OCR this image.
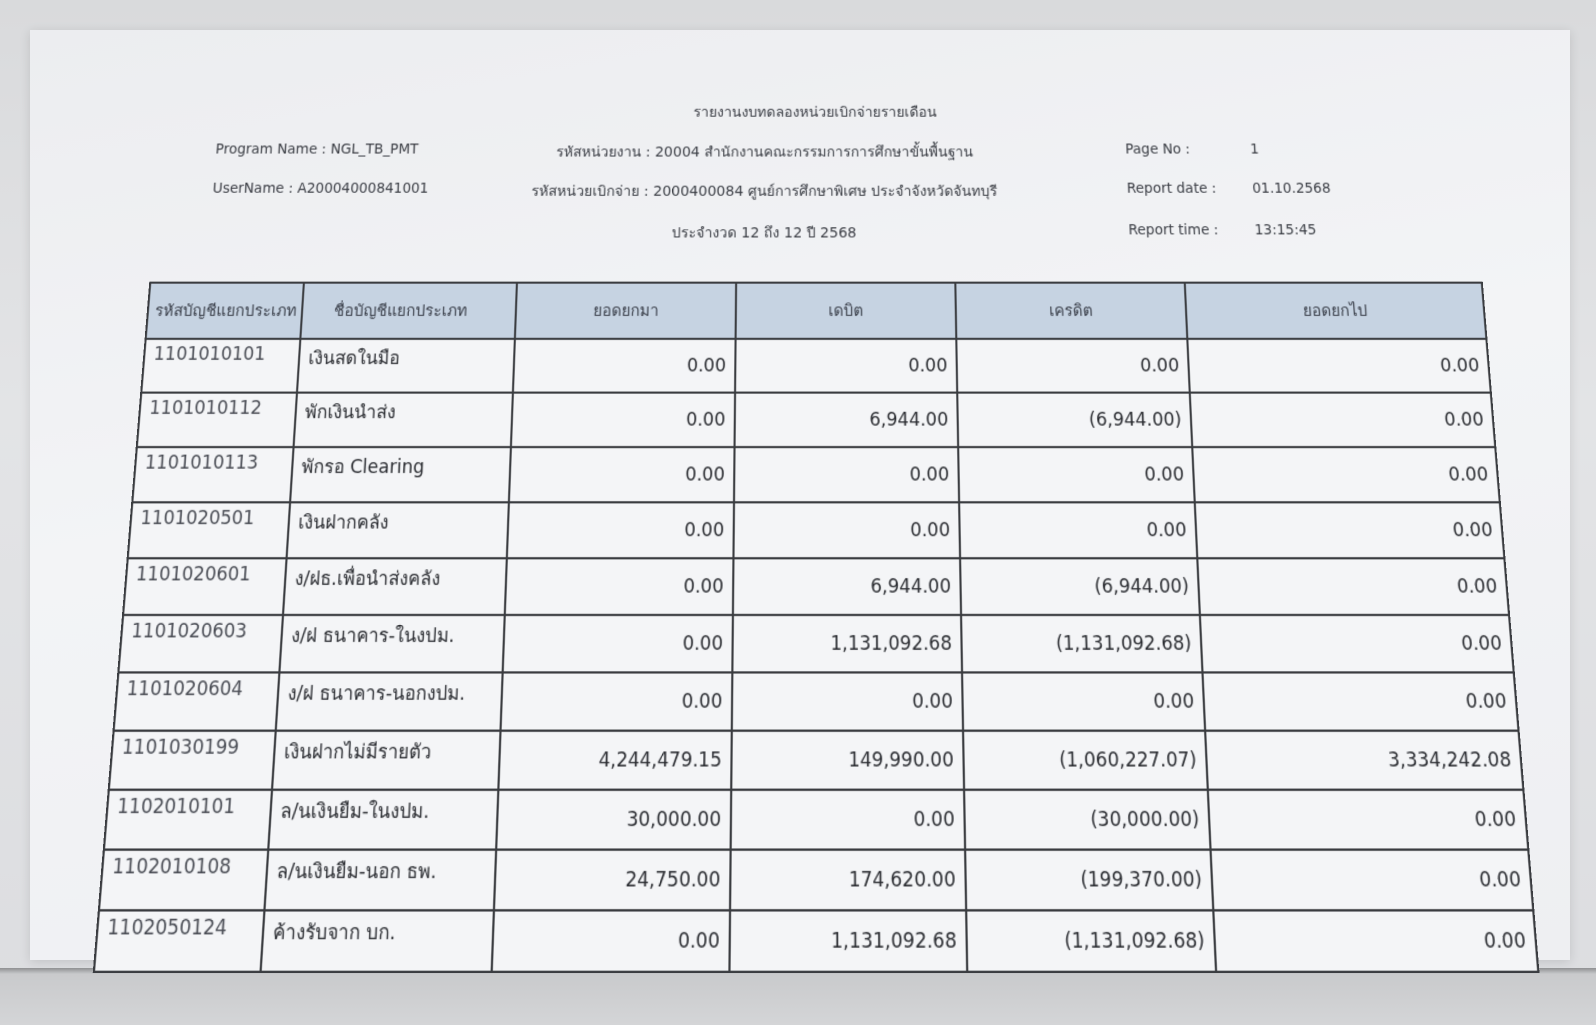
รายงานงบทดลองหน่วยเบิกจ่ายรายเดือน
Program Name : NGL_TB_PMT	รหัสหน่วยงาน : 20004 สำนักงานคณะกรรมการการศึกษาขั้นพื้นฐาน	Page No :	1
UserName : A20004000841001	รหัสหน่วยเบิกจ่าย : 2000400084 ศูนย์การศึกษาพิเศษ ประจำจังหวัดจันทบุรี	Report date :	01.10.2568
ประจำงวด 12 ถึง 12 ปี 2568	Report time :	13:15:45
รหัสบัญชีแยกประเภท	ชื่อบัญชีแยกประเภท	ยอดยกมา	เดบิต	เครดิต	ยอดยกไป
1101010101	เงินสดในมือ	0.00	0.00	0.00	0.00
1101010112	พักเงินนำส่ง	0.00	6,944.00	(6,944.00)	0.00
1101010113	พักรอ Clearing	0.00	0.00	0.00	0.00
1101020501	เงินฝากคลัง	0.00	0.00	0.00	0.00
1101020601	ง/ฝธ.เพื่อนำส่งคลัง	0.00	6,944.00	(6,944.00)	0.00
1101020603	ง/ฝ ธนาคาร-ในงปม.	0.00	1,131,092.68	(1,131,092.68)	0.00
1101020604	ง/ฝ ธนาคาร-นอกงปม.	0.00	0.00	0.00	0.00
1101030199	เงินฝากไม่มีรายตัว	4,244,479.15	149,990.00	(1,060,227.07)	3,334,242.08
1102010101	ล/นเงินยืม-ในงปม.	30,000.00	0.00	(30,000.00)	0.00
1102010108	ล/นเงินยืม-นอก ธพ.	24,750.00	174,620.00	(199,370.00)	0.00
1102050124	ค้างรับจาก บก.	0.00	1,131,092.68	(1,131,092.68)	0.00
